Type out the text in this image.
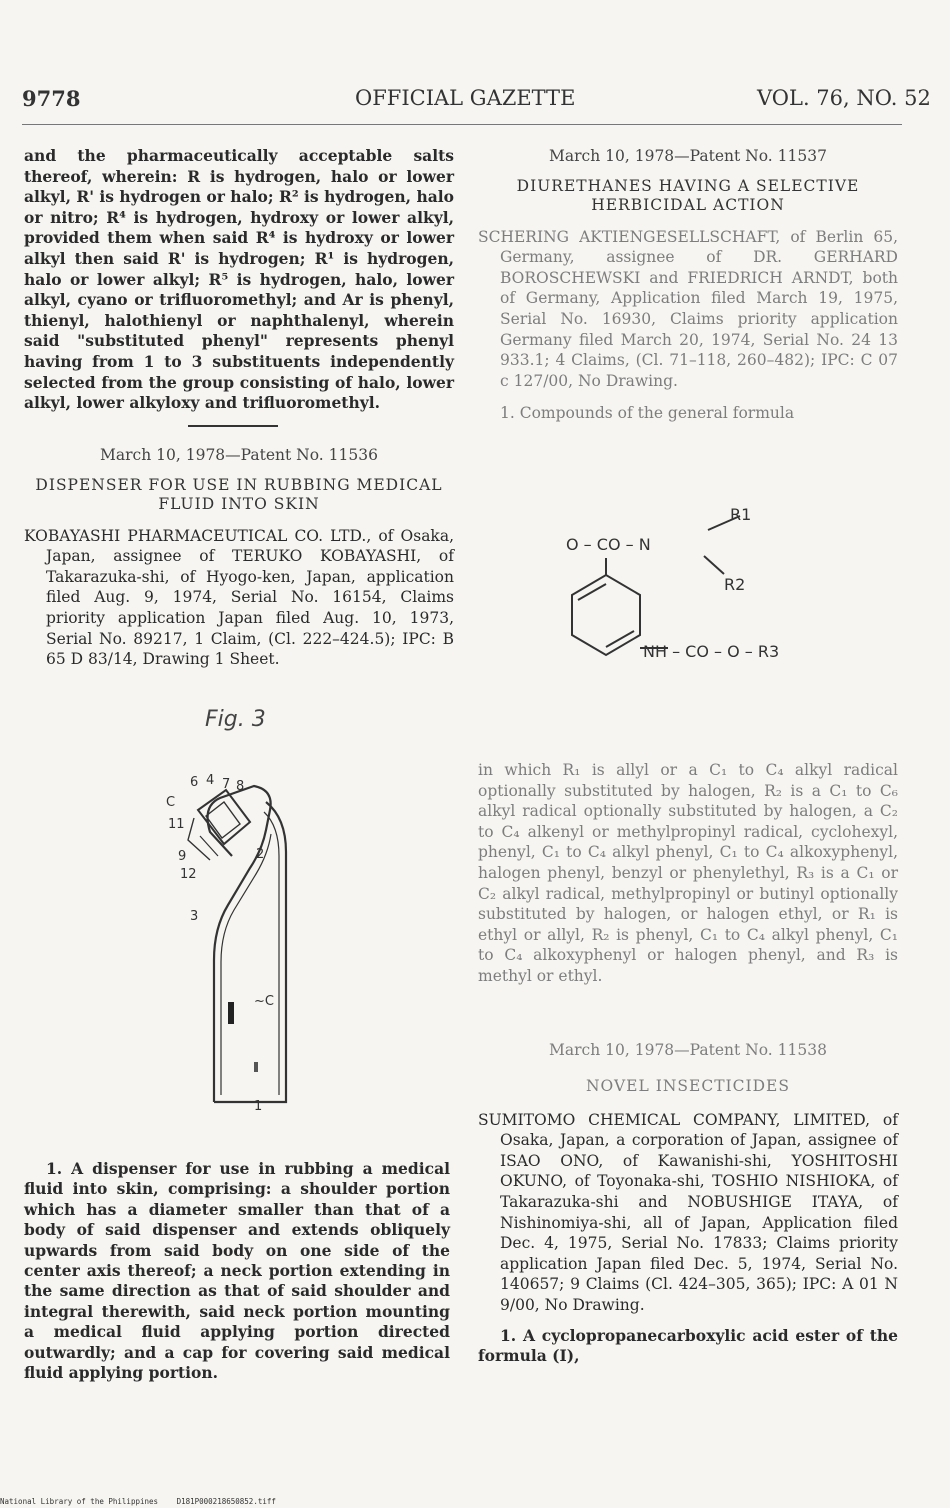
9778	OFFICIAL GAZETTE	VOL. 76, NO. 52

and the pharmaceutically acceptable salts thereof, wherein: R is hydrogen, halo or lower alkyl, R' is hydrogen or halo; R² is hydrogen, halo or nitro; R⁴ is hydrogen, hydroxy or lower alkyl, provided them when said R⁴ is hydroxy or lower alkyl then said R' is hydrogen; R¹ is hydrogen, halo or lower alkyl; R⁵ is hydrogen, halo, lower alkyl, cyano or trifluoromethyl; and Ar is phenyl, thienyl, halothienyl or naphthalenyl, wherein said "substituted phenyl" represents phenyl having from 1 to 3 substituents independently selected from the group consisting of halo, lower alkyl, lower alkyloxy and trifluoromethyl.

March 10, 1978—Patent No. 11536

DISPENSER FOR USE IN RUBBING MEDICAL FLUID INTO SKIN

KOBAYASHI PHARMACEUTICAL CO. LTD., of Osaka, Japan, assignee of TERUKO KOBAYASHI, of Takarazuka-shi, of Hyogo-ken, Japan, application filed Aug. 9, 1974, Serial No. 16154, Claims priority application Japan filed Aug. 10, 1973, Serial No. 89217, 1 Claim, (Cl. 222–424.5); IPC: B 65 D 83/14, Drawing 1 Sheet.

Fig. 3
6 4 7 8
C
11
9
12
3
2
~C
1

1. A dispenser for use in rubbing a medical fluid into skin, comprising: a shoulder portion which has a diameter smaller than that of a body of said dispenser and extends obliquely upwards from said body on one side of the center axis thereof; a neck portion extending in the same direction as that of said shoulder and integral therewith, said neck portion mounting a medical fluid applying portion directed outwardly; and a cap for covering said medical fluid applying portion.

March 10, 1978—Patent No. 11537

DIURETHANES HAVING A SELECTIVE HERBICIDAL ACTION

SCHERING AKTIENGESELLSCHAFT, of Berlin 65, Germany, assignee of DR. GERHARD BOROSCHEWSKI and FRIEDRICH ARNDT, both of Germany, Application filed March 19, 1975, Serial No. 16930, Claims priority application Germany filed March 20, 1974, Serial No. 24 13 933.1; 4 Claims, (Cl. 71–118, 260–482); IPC: C 07 c 127/00, No Drawing.

1. Compounds of the general formula

O – CO – N
R1
R2
NH – CO – O – R3

in which R₁ is allyl or a C₁ to C₄ alkyl radical optionally substituted by halogen, R₂ is a C₁ to C₆ alkyl radical optionally substituted by halogen, a C₂ to C₄ alkenyl or methylpropinyl radical, cyclohexyl, phenyl, C₁ to C₄ alkyl phenyl, C₁ to C₄ alkoxyphenyl, halogen phenyl, benzyl or phenylethyl, R₃ is a C₁ or C₂ alkyl radical, methylpropinyl or butinyl optionally substituted by halogen, or halogen ethyl, or R₁ is ethyl or allyl, R₂ is phenyl, C₁ to C₄ alkyl phenyl, C₁ to C₄ alkoxyphenyl or halogen phenyl, and R₃ is methyl or ethyl.

March 10, 1978—Patent No. 11538

NOVEL INSECTICIDES

SUMITOMO CHEMICAL COMPANY, LIMITED, of Osaka, Japan, a corporation of Japan, assignee of ISAO ONO, of Kawanishi-shi, YOSHITOSHI OKUNO, of Toyonaka-shi, TOSHIO NISHIOKA, of Takarazuka-shi and NOBUSHIGE ITAYA, of Nishinomiya-shi, all of Japan, Application filed Dec. 4, 1975, Serial No. 17833; Claims priority application Japan filed Dec. 5, 1974, Serial No. 140657; 9 Claims (Cl. 424–305, 365); IPC: A 01 N 9/00, No Drawing.

1. A cyclopropanecarboxylic acid ester of the formula (I),

National Library of the Philippines D181P000218650852.tiff
